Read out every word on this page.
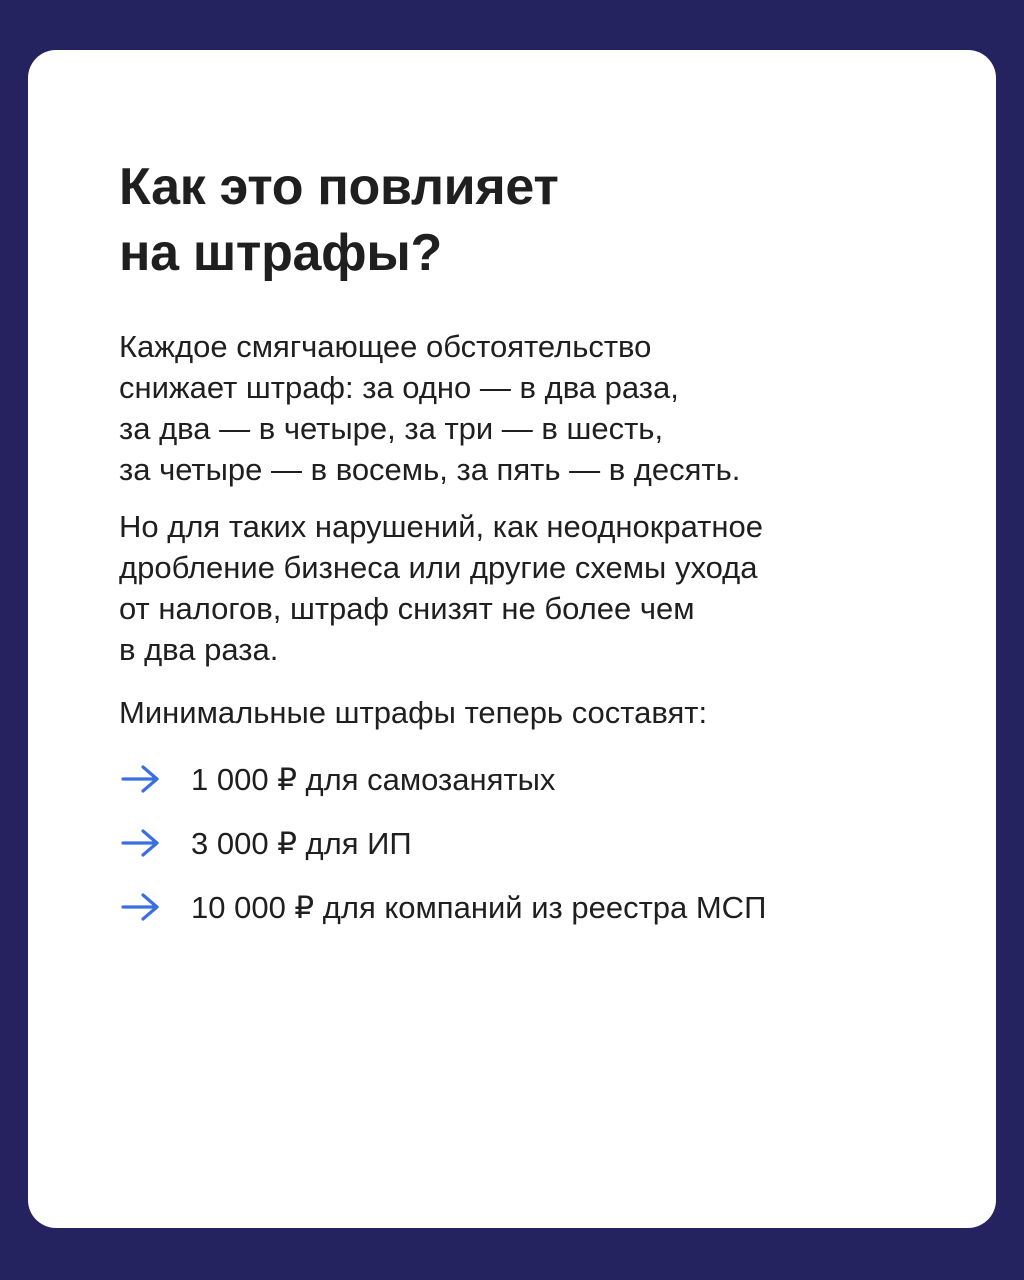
Как это повлияет
на штрафы?

Каждое смягчающее обстоятельство
снижает штраф: за одно — в два раза,
за два — в четыре, за три — в шесть,
за четыре — в восемь, за пять — в десять.

Но для таких нарушений, как неоднократное
дробление бизнеса или другие схемы ухода
от налогов, штраф снизят не более чем
в два раза.

Минимальные штрафы теперь составят:

1 000 ₽ для самозанятых
3 000 ₽ для ИП
10 000 ₽ для компаний из реестра МСП
